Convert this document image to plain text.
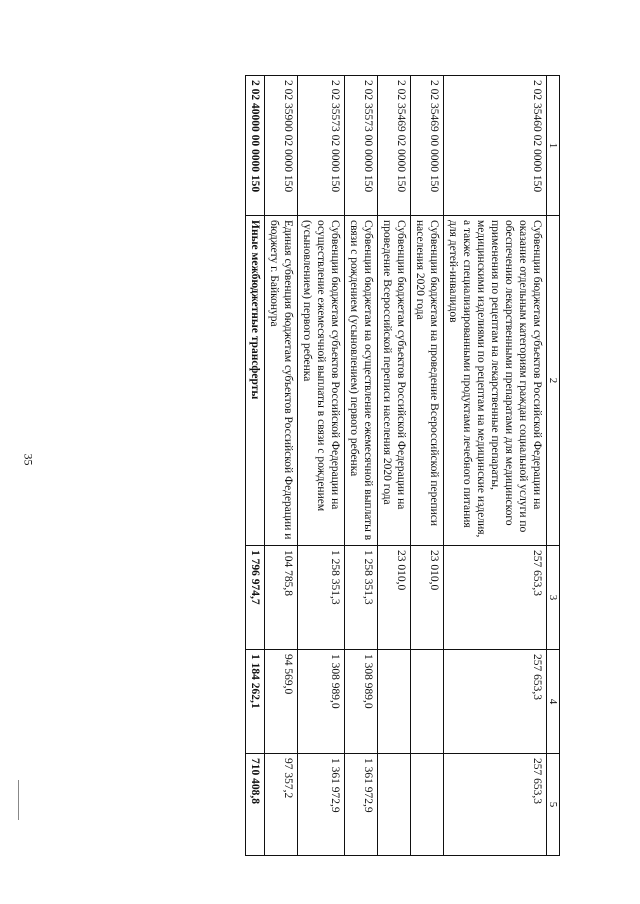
35
1	2	3	4	5
2 02 35460 02 0000 150	Субвенции бюджетам субъектов Российской Федерации на оказание отдельным категориям граждан социальной услуги по обеспечению лекарственными препаратами для медицинского применения по рецептам на лекарственные препараты, медицинскими изделиями по рецептам на медицинские изделия, а также специализированными продуктами лечебного питания для детей-инвалидов	257 653,3	257 653,3	257 653,3
2 02 35469 00 0000 150	Субвенции бюджетам на проведение Всероссийской переписи населения 2020 года	23 010,0		
2 02 35469 02 0000 150	Субвенции бюджетам субъектов Российской Федерации на проведение Всероссийской переписи населения 2020 года	23 010,0		
2 02 35573 00 0000 150	Субвенции бюджетам на осуществление ежемесячной выплаты в связи с рождением (усыновлением) первого ребенка	1 258 351,3	1 308 989,0	1 361 972,9
2 02 35573 02 0000 150	Субвенции бюджетам субъектов Российской Федерации на осуществление ежемесячной выплаты в связи с рождением (усыновлением) первого ребенка	1 258 351,3	1 308 989,0	1 361 972,9
2 02 35900 02 0000 150	Единая субвенция бюджетам субъектов Российской Федерации и бюджету г. Байконура	104 785,8	94 569,0	97 357,2
2 02 40000 00 0000 150	Иные межбюджетные трансферты	1 796 974,7	1 184 262,1	710 408,8
